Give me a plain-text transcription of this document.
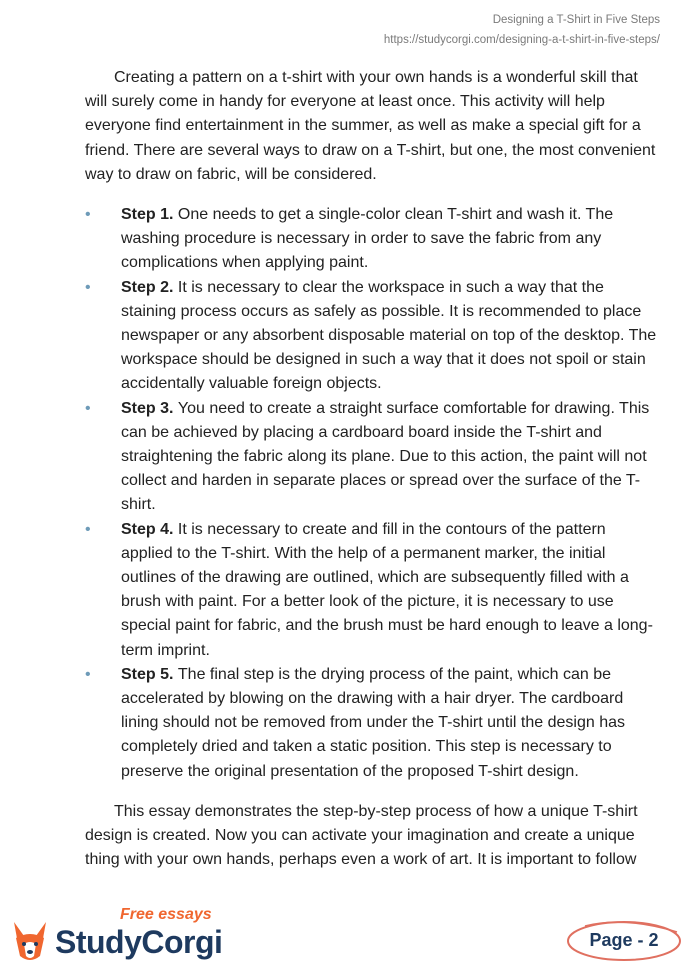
Designing a T-Shirt in Five Steps
https://studycorgi.com/designing-a-t-shirt-in-five-steps/

Creating a pattern on a t-shirt with your own hands is a wonderful skill that will surely come in handy for everyone at least once. This activity will help everyone find entertainment in the summer, as well as make a special gift for a friend. There are several ways to draw on a T-shirt, but one, the most convenient way to draw on fabric, will be considered.

• Step 1. One needs to get a single-color clean T-shirt and wash it. The washing procedure is necessary in order to save the fabric from any complications when applying paint.
• Step 2. It is necessary to clear the workspace in such a way that the staining process occurs as safely as possible. It is recommended to place newspaper or any absorbent disposable material on top of the desktop. The workspace should be designed in such a way that it does not spoil or stain accidentally valuable foreign objects.
• Step 3. You need to create a straight surface comfortable for drawing. This can be achieved by placing a cardboard board inside the T-shirt and straightening the fabric along its plane. Due to this action, the paint will not collect and harden in separate places or spread over the surface of the T-shirt.
• Step 4. It is necessary to create and fill in the contours of the pattern applied to the T-shirt. With the help of a permanent marker, the initial outlines of the drawing are outlined, which are subsequently filled with a brush with paint. For a better look of the picture, it is necessary to use special paint for fabric, and the brush must be hard enough to leave a long-term imprint.
• Step 5. The final step is the drying process of the paint, which can be accelerated by blowing on the drawing with a hair dryer. The cardboard lining should not be removed from under the T-shirt until the design has completely dried and taken a static position. This step is necessary to preserve the original presentation of the proposed T-shirt design.

This essay demonstrates the step-by-step process of how a unique T-shirt design is created. Now you can activate your imagination and create a unique thing with your own hands, perhaps even a work of art. It is important to follow

Free essays
StudyCorgi	Page - 2
